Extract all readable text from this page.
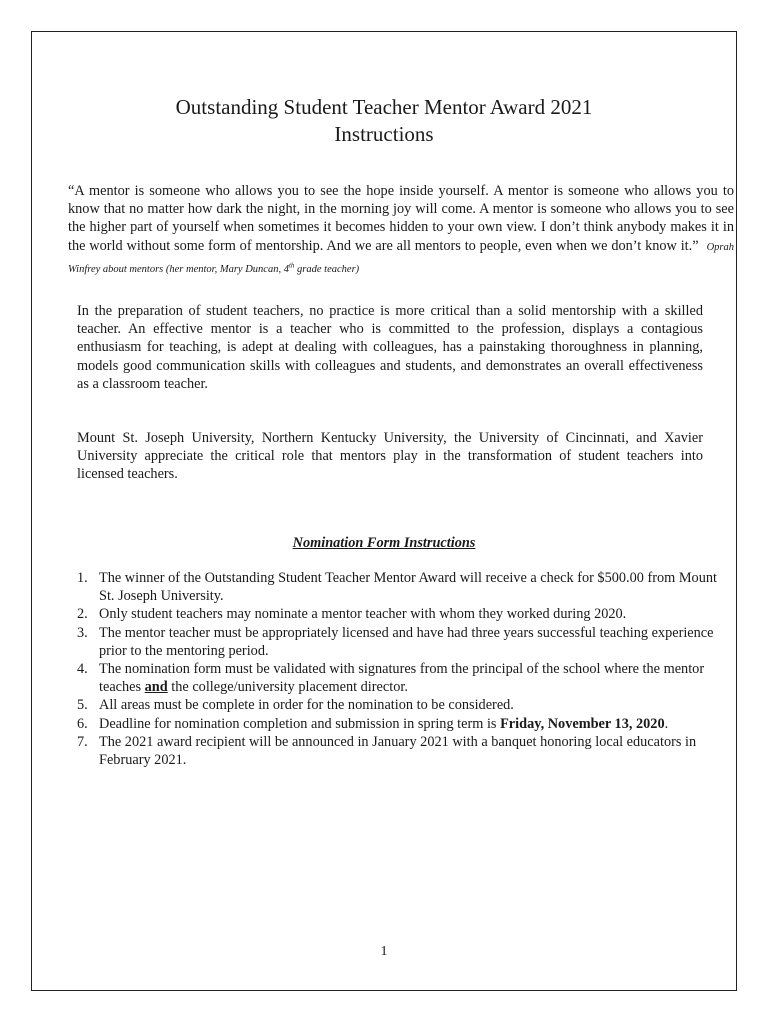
Outstanding Student Teacher Mentor Award 2021
Instructions
“A mentor is someone who allows you to see the hope inside yourself. A mentor is someone who allows you to know that no matter how dark the night, in the morning joy will come. A mentor is someone who allows you to see the higher part of yourself when sometimes it becomes hidden to your own view. I don’t think anybody makes it in the world without some form of mentorship. And we are all mentors to people, even when we don’t know it.” Oprah Winfrey about mentors (her mentor, Mary Duncan, 4th grade teacher)
In the preparation of student teachers, no practice is more critical than a solid mentorship with a skilled teacher. An effective mentor is a teacher who is committed to the profession, displays a contagious enthusiasm for teaching, is adept at dealing with colleagues, has a painstaking thoroughness in planning, models good communication skills with colleagues and students, and demonstrates an overall effectiveness as a classroom teacher.
Mount St. Joseph University, Northern Kentucky University, the University of Cincinnati, and Xavier University appreciate the critical role that mentors play in the transformation of student teachers into licensed teachers.
Nomination Form Instructions
1. The winner of the Outstanding Student Teacher Mentor Award will receive a check for $500.00 from Mount St. Joseph University.
2. Only student teachers may nominate a mentor teacher with whom they worked during 2020.
3. The mentor teacher must be appropriately licensed and have had three years successful teaching experience prior to the mentoring period.
4. The nomination form must be validated with signatures from the principal of the school where the mentor teaches and the college/university placement director.
5. All areas must be complete in order for the nomination to be considered.
6. Deadline for nomination completion and submission in spring term is Friday, November 13, 2020.
7. The 2021 award recipient will be announced in January 2021 with a banquet honoring local educators in February 2021.
1
